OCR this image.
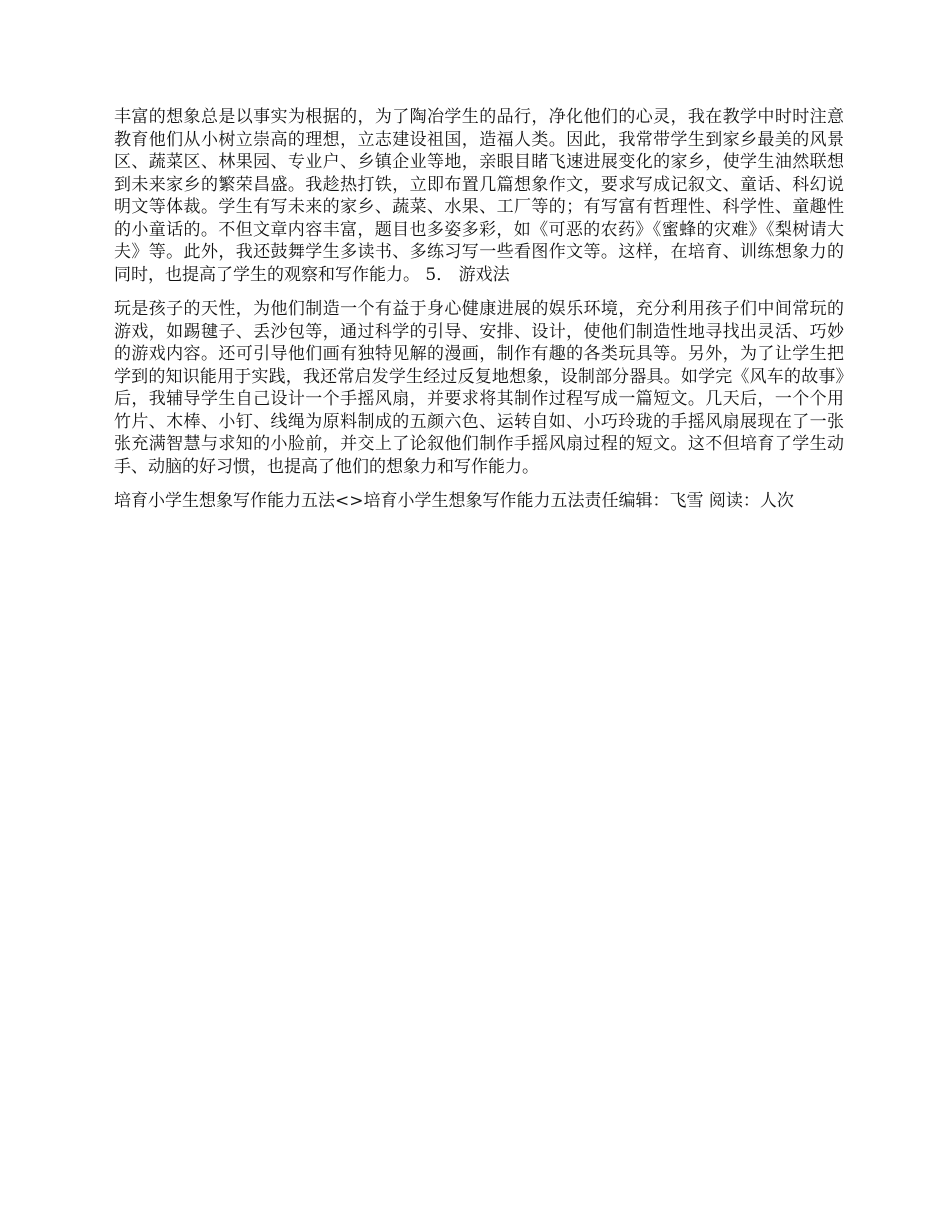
丰富的想象总是以事实为根据的，为了陶冶学生的品行，净化他们的心灵，我在教学中时时注意教育他们从小树立崇高的理想，立志建设祖国，造福人类。因此，我常带学生到家乡最美的风景区、蔬菜区、林果园、专业户、乡镇企业等地，亲眼目睹飞速进展变化的家乡，使学生油然联想到未来家乡的繁荣昌盛。我趁热打铁，立即布置几篇想象作文，要求写成记叙文、童话、科幻说明文等体裁。学生有写未来的家乡、蔬菜、水果、工厂等的；有写富有哲理性、科学性、童趣性的小童话的。不但文章内容丰富，题目也多姿多彩，如《可恶的农药》《蜜蜂的灾难》《梨树请大夫》等。此外，我还鼓舞学生多读书、多练习写一些看图作文等。这样，在培育、训练想象力的同时，也提高了学生的观察和写作能力。 5． 游戏法

玩是孩子的天性，为他们制造一个有益于身心健康进展的娱乐环境，充分利用孩子们中间常玩的游戏，如踢毽子、丢沙包等，通过科学的引导、安排、设计，使他们制造性地寻找出灵活、巧妙的游戏内容。还可引导他们画有独特见解的漫画，制作有趣的各类玩具等。另外，为了让学生把学到的知识能用于实践，我还常启发学生经过反复地想象，设制部分器具。如学完《风车的故事》后，我辅导学生自己设计一个手摇风扇，并要求将其制作过程写成一篇短文。几天后，一个个用竹片、木棒、小钉、线绳为原料制成的五颜六色、运转自如、小巧玲珑的手摇风扇展现在了一张张充满智慧与求知的小脸前，并交上了论叙他们制作手摇风扇过程的短文。这不但培育了学生动手、动脑的好习惯，也提高了他们的想象力和写作能力。

培育小学生想象写作能力五法<>培育小学生想象写作能力五法责任编辑：飞雪 阅读：人次
